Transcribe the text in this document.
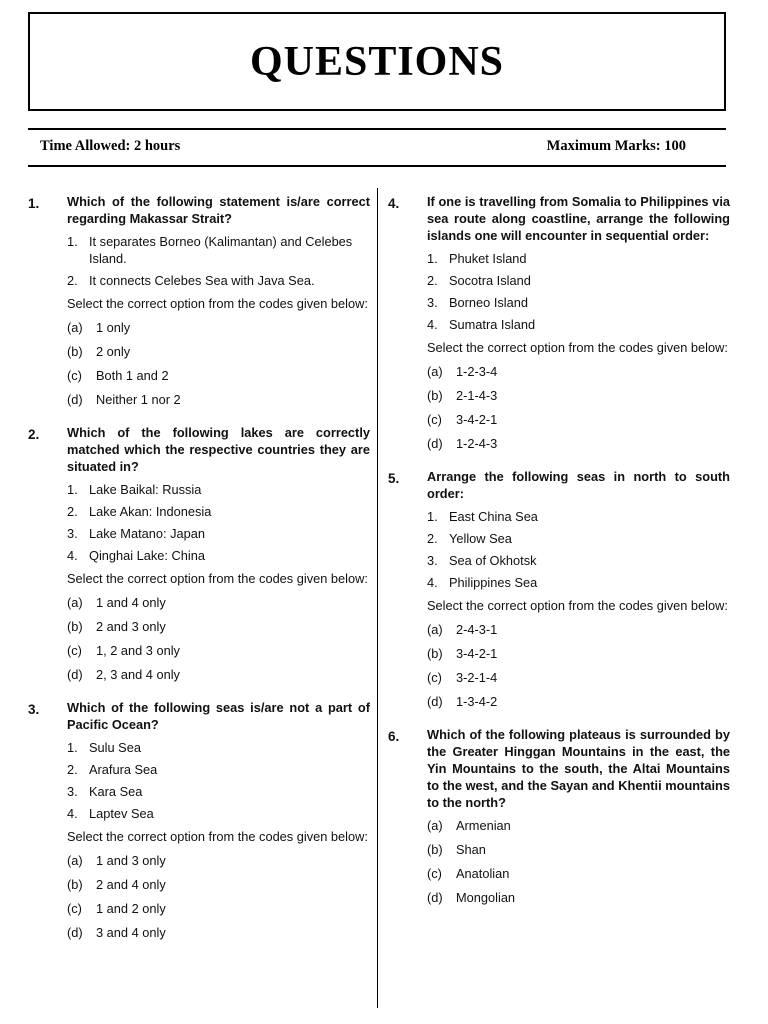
QUESTIONS
Time Allowed: 2 hours	Maximum Marks: 100
1. Which of the following statement is/are correct regarding Makassar Strait?
1. It separates Borneo (Kalimantan) and Celebes Island.
2. It connects Celebes Sea with Java Sea.
Select the correct option from the codes given below:
(a) 1 only
(b) 2 only
(c) Both 1 and 2
(d) Neither 1 nor 2
2. Which of the following lakes are correctly matched which the respective countries they are situated in?
1. Lake Baikal: Russia
2. Lake Akan: Indonesia
3. Lake Matano: Japan
4. Qinghai Lake: China
Select the correct option from the codes given below:
(a) 1 and 4 only
(b) 2 and 3 only
(c) 1, 2 and 3 only
(d) 2, 3 and 4 only
3. Which of the following seas is/are not a part of Pacific Ocean?
1. Sulu Sea
2. Arafura Sea
3. Kara Sea
4. Laptev Sea
Select the correct option from the codes given below:
(a) 1 and 3 only
(b) 2 and 4 only
(c) 1 and 2 only
(d) 3 and 4 only
4. If one is travelling from Somalia to Philippines via sea route along coastline, arrange the following islands one will encounter in sequential order:
1. Phuket Island
2. Socotra Island
3. Borneo Island
4. Sumatra Island
Select the correct option from the codes given below:
(a) 1-2-3-4
(b) 2-1-4-3
(c) 3-4-2-1
(d) 1-2-4-3
5. Arrange the following seas in north to south order:
1. East China Sea
2. Yellow Sea
3. Sea of Okhotsk
4. Philippines Sea
Select the correct option from the codes given below:
(a) 2-4-3-1
(b) 3-4-2-1
(c) 3-2-1-4
(d) 1-3-4-2
6. Which of the following plateaus is surrounded by the Greater Hinggan Mountains in the east, the Yin Mountains to the south, the Altai Mountains to the west, and the Sayan and Khentii mountains to the north?
(a) Armenian
(b) Shan
(c) Anatolian
(d) Mongolian
